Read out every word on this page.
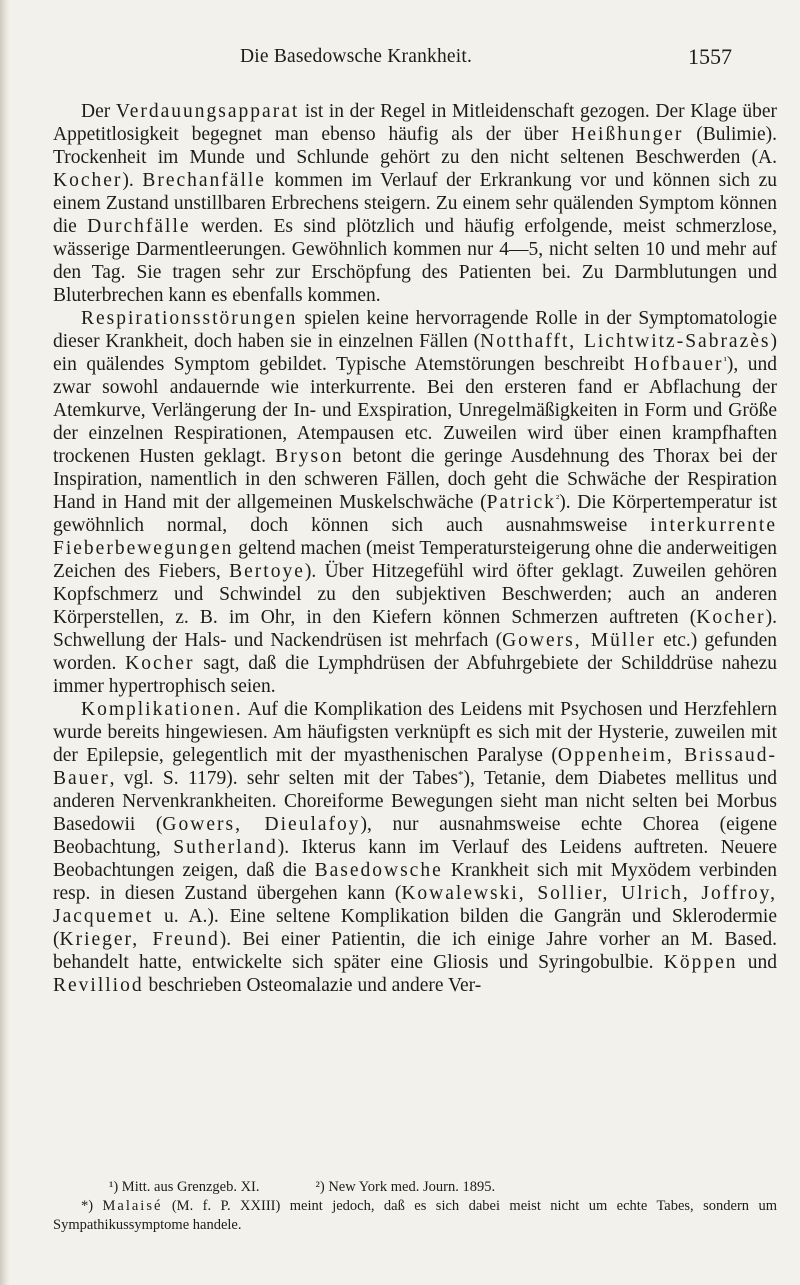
Die Basedowsche Krankheit.	1557

Der Verdauungsapparat ist in der Regel in Mitleidenschaft gezogen. Der Klage über Appetitlosigkeit begegnet man ebenso häufig als der über Heißhunger (Bulimie). Trockenheit im Munde und Schlunde gehört zu den nicht seltenen Beschwerden (A. Kocher). Brechanfälle kommen im Verlauf der Erkrankung vor und können sich zu einem Zustand unstillbaren Erbrechens steigern. Zu einem sehr quälenden Symptom können die Durchfälle werden. Es sind plötzlich und häufig erfolgende, meist schmerzlose, wässerige Darmentleerungen. Gewöhnlich kommen nur 4—5, nicht selten 10 und mehr auf den Tag. Sie tragen sehr zur Erschöpfung des Patienten bei. Zu Darmblutungen und Bluterbrechen kann es ebenfalls kommen.

Respirationsstörungen spielen keine hervorragende Rolle in der Symptomatologie dieser Krankheit, doch haben sie in einzelnen Fällen (Notthafft, Lichtwitz-Sabrazès) ein quälendes Symptom gebildet. Typische Atemstörungen beschreibt Hofbauer$^{^1}$), und zwar sowohl andauernde wie interkurrente. Bei den ersteren fand er Abflachung der Atemkurve, Verlängerung der In- und Exspiration, Unregelmäßigkeiten in Form und Größe der einzelnen Respirationen, Atempausen etc. Zuweilen wird über einen krampfhaften trockenen Husten geklagt. Bryson betont die geringe Ausdehnung des Thorax bei der Inspiration, namentlich in den schweren Fällen, doch geht die Schwäche der Respiration Hand in Hand mit der allgemeinen Muskelschwäche (Patrick$^{^2}$). Die Körpertemperatur ist gewöhnlich normal, doch können sich auch ausnahmsweise interkurrente Fieberbewegungen geltend machen (meist Temperatursteigerung ohne die anderweitigen Zeichen des Fiebers, Bertoye). Über Hitzegefühl wird öfter geklagt. Zuweilen gehören Kopfschmerz und Schwindel zu den subjektiven Beschwerden; auch an anderen Körperstellen, z. B. im Ohr, in den Kiefern können Schmerzen auftreten (Kocher). Schwellung der Hals- und Nackendrüsen ist mehrfach (Gowers, Müller etc.) gefunden worden. Kocher sagt, daß die Lymphdrüsen der Abfuhrgebiete der Schilddrüse nahezu immer hypertrophisch seien.

Komplikationen. Auf die Komplikation des Leidens mit Psychosen und Herzfehlern wurde bereits hingewiesen. Am häufigsten verknüpft es sich mit der Hysterie, zuweilen mit der Epilepsie, gelegentlich mit der myasthenischen Paralyse (Oppenheim, Brissaud-Bauer, vgl. S. 1179). sehr selten mit der Tabes*), Tetanie, dem Diabetes mellitus und anderen Nervenkrankheiten. Choreiforme Bewegungen sieht man nicht selten bei Morbus Basedowii (Gowers, Dieulafoy), nur ausnahmsweise echte Chorea (eigene Beobachtung, Sutherland). Ikterus kann im Verlauf des Leidens auftreten. Neuere Beobachtungen zeigen, daß die Basedowsche Krankheit sich mit Myxödem verbinden resp. in diesen Zustand übergehen kann (Kowalewski, Sollier, Ulrich, Joffroy, Jacquemet u. A.). Eine seltene Komplikation bilden die Gangrän und Sklerodermie (Krieger, Freund). Bei einer Patientin, die ich einige Jahre vorher an M. Based. behandelt hatte, entwickelte sich später eine Gliosis und Syringobulbie. Köppen und Revilliod beschrieben Osteomalazie und andere Ver-

¹) Mitt. aus Grenzgeb. XI.	²) New York med. Journ. 1895.

*) Malaisé (M. f. P. XXIII) meint jedoch, daß es sich dabei meist nicht um echte Tabes, sondern um Sympathikussymptome handele.
